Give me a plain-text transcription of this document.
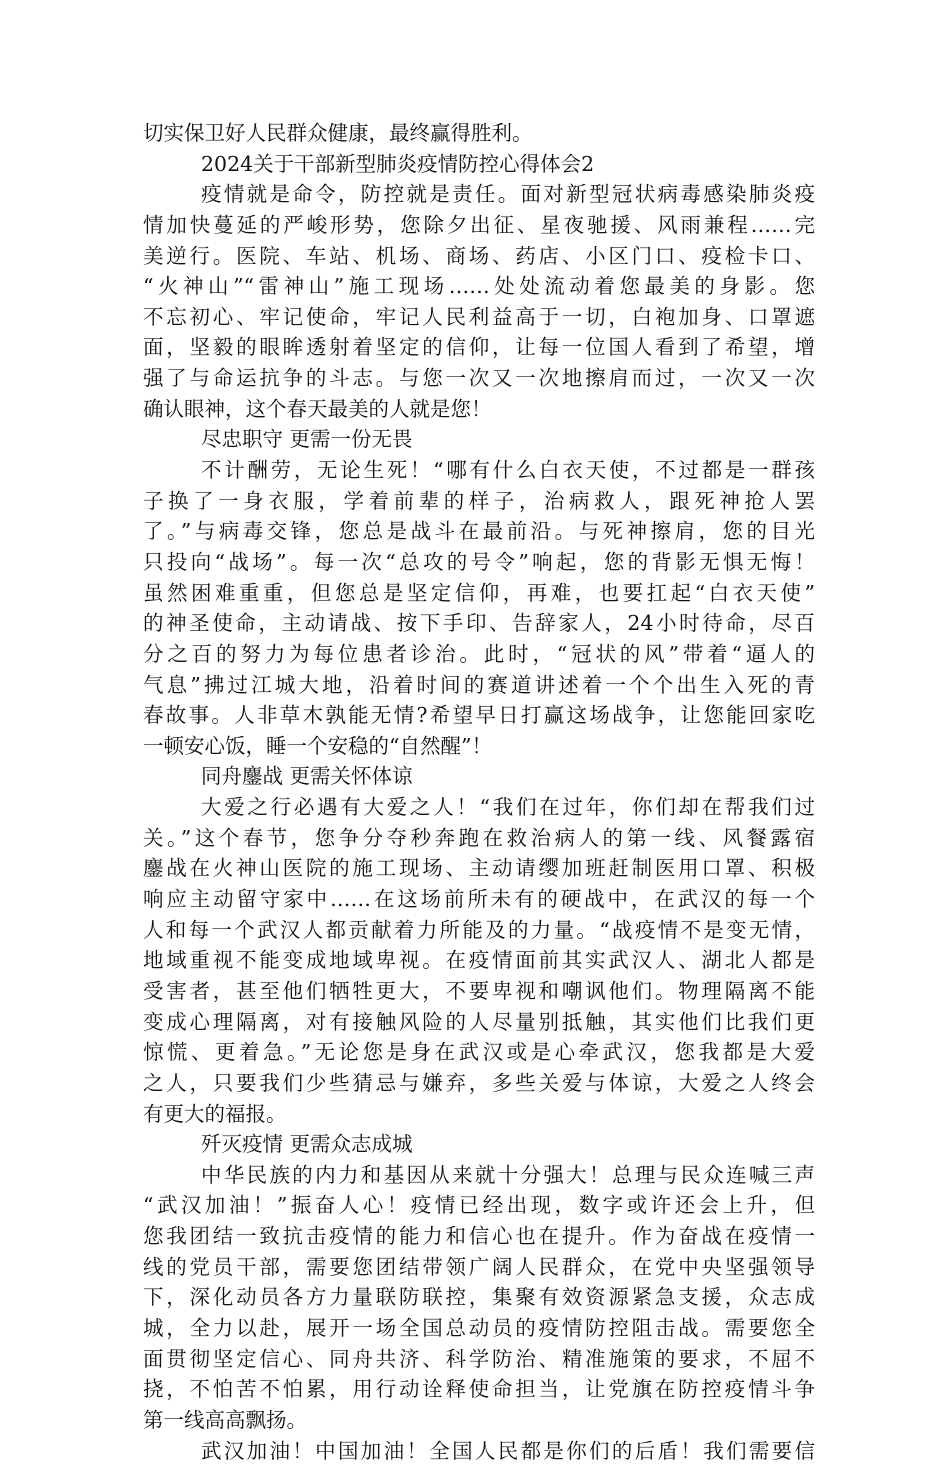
切实保卫好人民群众健康，最终赢得胜利。
2024关于干部新型肺炎疫情防控心得体会2
疫情就是命令，防控就是责任。面对新型冠状病毒感染肺炎疫
情加快蔓延的严峻形势，您除夕出征、星夜驰援、风雨兼程……完
美逆行。医院、车站、机场、商场、药店、小区门口、疫检卡口、
“火神山”“雷神山”施工现场……处处流动着您最美的身影。您
不忘初心、牢记使命，牢记人民利益高于一切，白袍加身、口罩遮
面，坚毅的眼眸透射着坚定的信仰，让每一位国人看到了希望，增
强了与命运抗争的斗志。与您一次又一次地擦肩而过，一次又一次
确认眼神，这个春天最美的人就是您！
尽忠职守 更需一份无畏
不计酬劳，无论生死！“哪有什么白衣天使，不过都是一群孩
子换了一身衣服，学着前辈的样子，治病救人，跟死神抢人罢
了。”与病毒交锋，您总是战斗在最前沿。与死神擦肩，您的目光
只投向“战场”。每一次“总攻的号令”响起，您的背影无惧无悔！
虽然困难重重，但您总是坚定信仰，再难，也要扛起“白衣天使”
的神圣使命，主动请战、按下手印、告辞家人，24小时待命，尽百
分之百的努力为每位患者诊治。此时，“冠状的风”带着“逼人的
气息”拂过江城大地，沿着时间的赛道讲述着一个个出生入死的青
春故事。人非草木孰能无情?希望早日打赢这场战争，让您能回家吃
一顿安心饭，睡一个安稳的“自然醒”！
同舟鏖战 更需关怀体谅
大爱之行必遇有大爱之人！“我们在过年，你们却在帮我们过
关。”这个春节，您争分夺秒奔跑在救治病人的第一线、风餐露宿
鏖战在火神山医院的施工现场、主动请缨加班赶制医用口罩、积极
响应主动留守家中……在这场前所未有的硬战中，在武汉的每一个
人和每一个武汉人都贡献着力所能及的力量。“战疫情不是变无情，
地域重视不能变成地域卑视。在疫情面前其实武汉人、湖北人都是
受害者，甚至他们牺牲更大，不要卑视和嘲讽他们。物理隔离不能
变成心理隔离，对有接触风险的人尽量别抵触，其实他们比我们更
惊慌、更着急。”无论您是身在武汉或是心牵武汉，您我都是大爱
之人，只要我们少些猜忌与嫌弃，多些关爱与体谅，大爱之人终会
有更大的福报。
歼灭疫情 更需众志成城
中华民族的内力和基因从来就十分强大！总理与民众连喊三声
“武汉加油！”振奋人心！疫情已经出现，数字或许还会上升，但
您我团结一致抗击疫情的能力和信心也在提升。作为奋战在疫情一
线的党员干部，需要您团结带领广阔人民群众，在党中央坚强领导
下，深化动员各方力量联防联控，集聚有效资源紧急支援，众志成
城，全力以赴，展开一场全国总动员的疫情防控阻击战。需要您全
面贯彻坚定信心、同舟共济、科学防治、精准施策的要求，不屈不
挠，不怕苦不怕累，用行动诠释使命担当，让党旗在防控疫情斗争
第一线高高飘扬。
武汉加油！中国加油！全国人民都是你们的后盾！我们需要信
